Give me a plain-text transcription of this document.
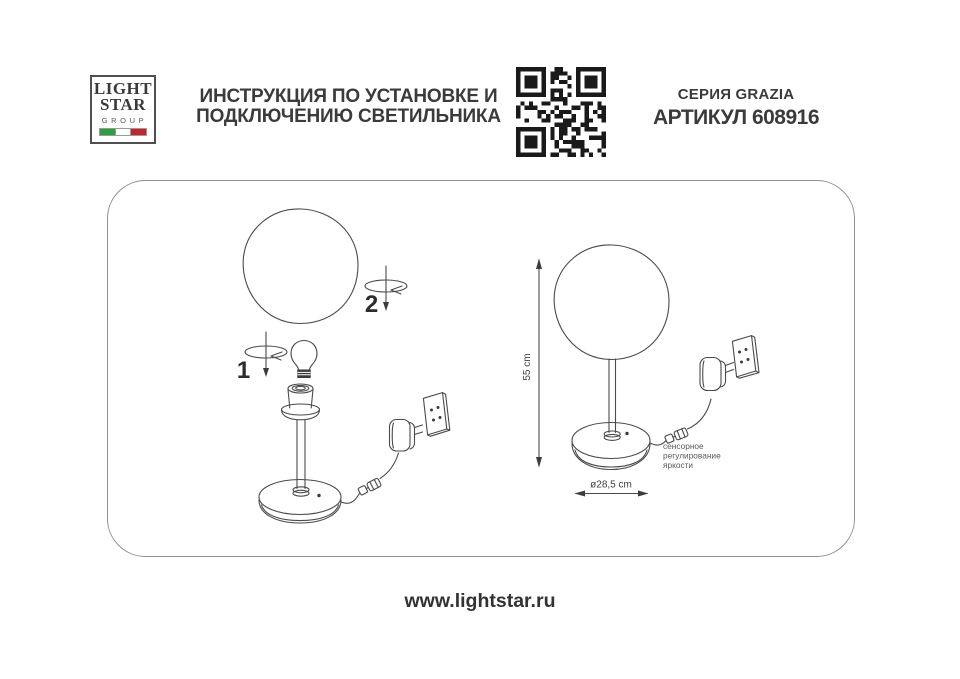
LIGHT
STAR
GROUP
ИНСТРУКЦИЯ ПО УСТАНОВКЕ И
ПОДКЛЮЧЕНИЮ СВЕТИЛЬНИКА
СЕРИЯ GRAZIA
АРТИКУЛ 608916
2
1	55 cm
сенсорное
регулирование
яркости
ø28,5 cm
www.lightstar.ru
